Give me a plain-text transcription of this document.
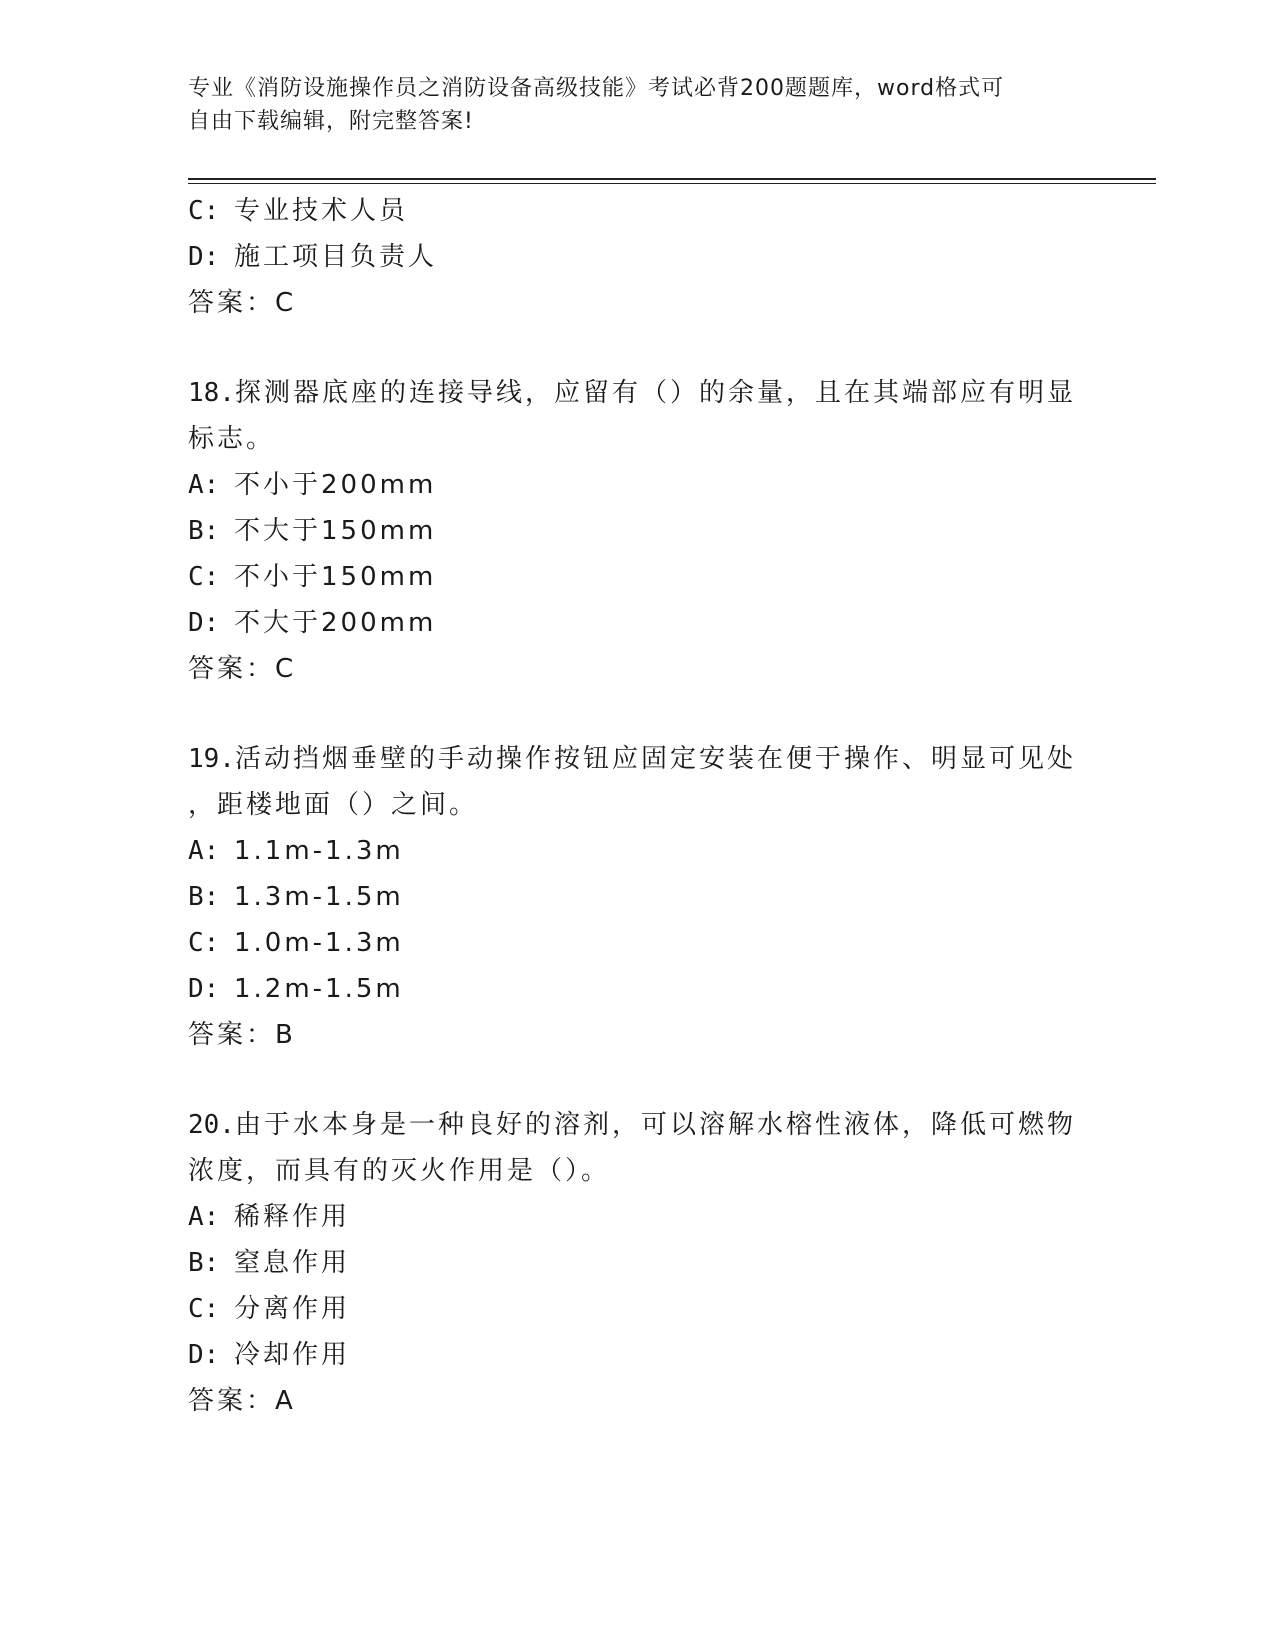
专业《消防设施操作员之消防设备高级技能》考试必背200题题库，word格式可
自由下载编辑，附完整答案!
C: 专业技术人员
D: 施工项目负责人
答案：C
18.探测器底座的连接导线，应留有（）的余量，且在其端部应有明显
标志。
A: 不小于200mm
B: 不大于150mm
C: 不小于150mm
D: 不大于200mm
答案：C
19.活动挡烟垂壁的手动操作按钮应固定安装在便于操作、明显可见处
，距楼地面（）之间。
A: 1.1m-1.3m
B: 1.3m-1.5m
C: 1.0m-1.3m
D: 1.2m-1.5m
答案：B
20.由于水本身是一种良好的溶剂，可以溶解水榕性液体，降低可燃物
浓度，而具有的灭火作用是（）。
A: 稀释作用
B: 窒息作用
C: 分离作用
D: 冷却作用
答案：A
